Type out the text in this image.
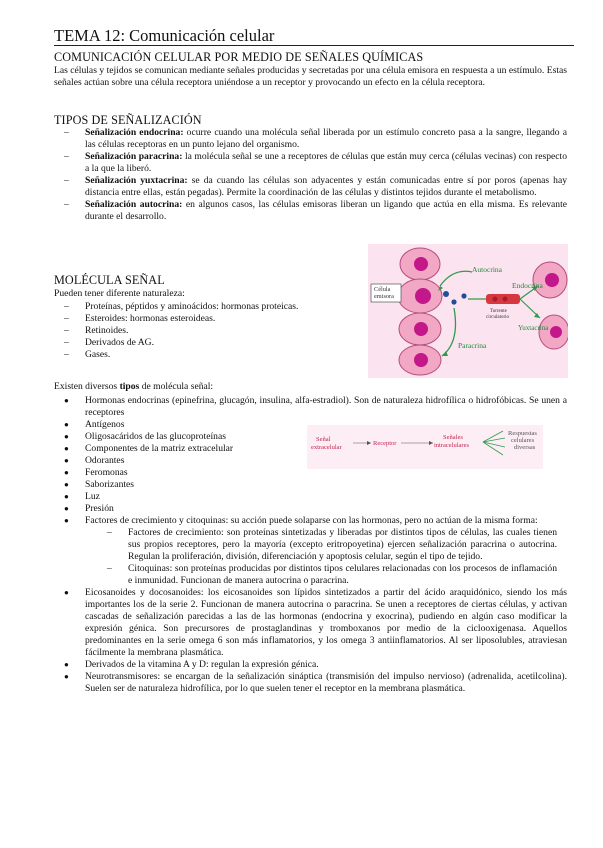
TEMA 12: Comunicación celular
COMUNICACIÓN CELULAR POR MEDIO DE SEÑALES QUÍMICAS
Las células y tejidos se comunican mediante señales producidas y secretadas por una célula emisora en respuesta a un estímulo. Estas señales actúan sobre una célula receptora uniéndose a un receptor y provocando un efecto en la célula receptora.
TIPOS DE SEÑALIZACIÓN
– Señalización endocrina: ocurre cuando una molécula señal liberada por un estímulo concreto pasa a la sangre, llegando a las células receptoras en un punto lejano del organismo.
– Señalización paracrina: la molécula señal se une a receptores de células que están muy cerca (células vecinas) con respecto a la que la liberó.
– Señalización yuxtacrina: se da cuando las células son adyacentes y están comunicadas entre sí por poros (apenas hay distancia entre ellas, están pegadas). Permite la coordinación de las células y distintos tejidos durante el metabolismo.
– Señalización autocrina: en algunos casos, las células emisoras liberan un ligando que actúa en ella misma. Es relevante durante el desarrollo.
MOLÉCULA SEÑAL
Pueden tener diferente naturaleza:
– Proteínas, péptidos y aminoácidos: hormonas proteicas.
– Esteroides: hormonas esteroideas.
– Retinoides.
– Derivados de AG.
– Gases.
Célula emisora
Autocrina
Endocrina
Torrente circulatorio
Yuxtacrina
Paracrina
Existen diversos tipos de molécula señal:
Señal extracelular
Receptor
Señales intracelulares
Respuestas celulares diversas
● Hormonas endocrinas (epinefrina, glucagón, insulina, alfa-estradiol). Son de naturaleza hidrofílica o hidrofóbicas. Se unen a receptores
● Antígenos
● Oligosacáridos de las glucoproteínas
● Componentes de la matriz extracelular
● Odorantes
● Feromonas
● Saborizantes
● Luz
● Presión
● Factores de crecimiento y citoquinas: su acción puede solaparse con las hormonas, pero no actúan de la misma forma:
– Factores de crecimiento: son proteínas sintetizadas y liberadas por distintos tipos de células, las cuales tienen sus propios receptores, pero la mayoría (excepto eritropoyetina) ejercen señalización paracrina o autocrina. Regulan la proliferación, división, diferenciación y apoptosis celular, según el tipo de tejido.
– Citoquinas: son proteínas producidas por distintos tipos celulares relacionadas con los procesos de inflamación e inmunidad. Funcionan de manera autocrina o paracrina.
● Eicosanoides y docosanoides: los eicosanoides son lípidos sintetizados a partir del ácido araquidónico, siendo los más importantes los de la serie 2. Funcionan de manera autocrina o paracrina. Se unen a receptores de ciertas células, y activan cascadas de señalización parecidas a las de las hormonas (endocrina y exocrina), pudiendo en algún caso modificar la expresión génica. Son precursores de prostaglandinas y tromboxanos por medio de la ciclooxigenasa. Aquellos predominantes en la serie omega 6 son más inflamatorios, y los omega 3 antiinflamatorios. Al ser liposolubles, atraviesan fácilmente la membrana plasmática.
● Derivados de la vitamina A y D: regulan la expresión génica.
● Neurotransmisores: se encargan de la señalización sináptica (transmisión del impulso nervioso) (adrenalida, acetilcolina). Suelen ser de naturaleza hidrofílica, por lo que suelen tener el receptor en la membrana plasmática.
